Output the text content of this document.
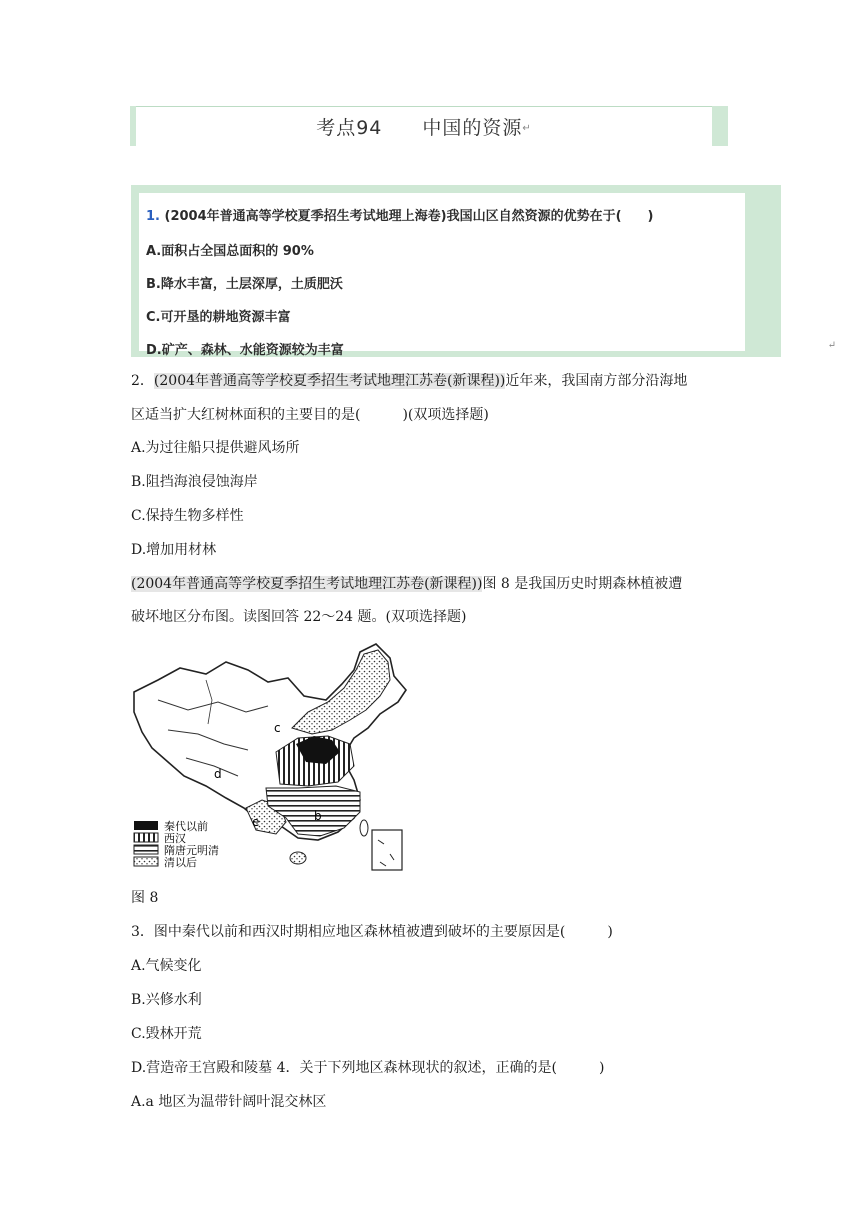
考点94　　中国的资源↵
1. (2004年普通高等学校夏季招生考试地理上海卷)我国山区自然资源的优势在于(　　)
A.面积占全国总面积的 90%
B.降水丰富，土层深厚，土质肥沃
C.可开垦的耕地资源丰富
D.矿产、森林、水能资源较为丰富	↵
2．(2004年普通高等学校夏季招生考试地理江苏卷(新课程))近年来，我国南方部分沿海地
区适当扩大红树林面积的主要目的是(　　　)(双项选择题)
A.为过往船只提供避风场所
B.阻挡海浪侵蚀海岸
C.保持生物多样性
D.增加用材林
(2004年普通高等学校夏季招生考试地理江苏卷(新课程))图 8 是我国历史时期森林植被遭
破坏地区分布图。读图回答 22～24 题。(双项选择题)
c
d
e	b
秦代以前
西汉
隋唐元明清
清以后
图 8
3．图中秦代以前和西汉时期相应地区森林植被遭到破坏的主要原因是(　　　)
A.气候变化
B.兴修水利
C.毁林开荒
D.营造帝王宫殿和陵墓 4．关于下列地区森林现状的叙述，正确的是(　　　)
A.a 地区为温带针阔叶混交林区
